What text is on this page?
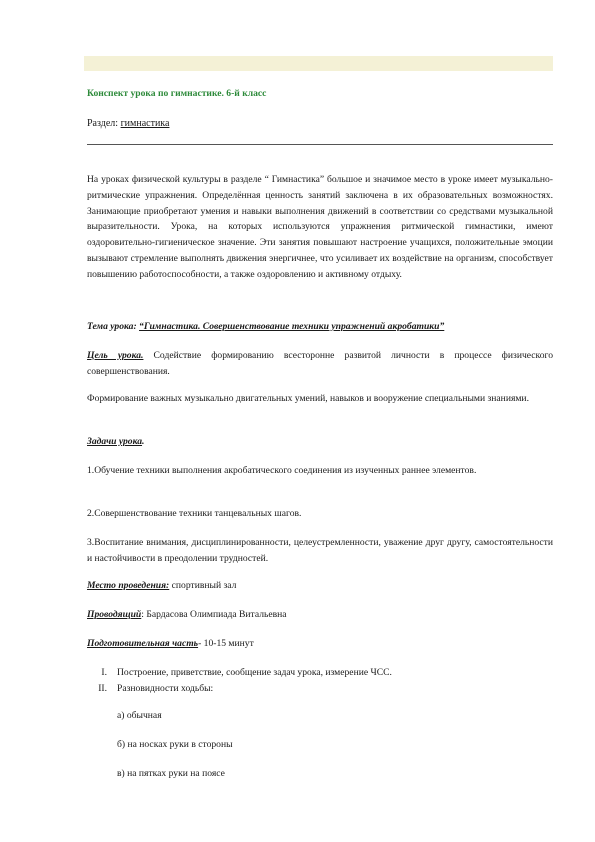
Конспект урока по гимнастике. 6-й класс
Раздел: гимнастика
На уроках физической культуры в разделе “ Гимнастика” большое и значимое место в уроке имеет музыкально-ритмические упражнения. Определённая ценность занятий заключена в их образовательных возможностях. Занимающие приобретают умения и навыки выполнения движений в соответствии со средствами музыкальной выразительности. Урока, на которых используются упражнения ритмической гимнастики, имеют оздоровительно-гигиеническое значение. Эти занятия повышают настроение учащихся, положительные эмоции вызывают стремление выполнять движения энергичнее, что усиливает их воздействие на организм, способствует повышению работоспособности, а также оздоровлению и активному отдыху.
Тема урока: “Гимнастика. Совершенствование техники упражнений акробатики”
Цель урока. Содействие формированию всесторонне развитой личности в процессе физического совершенствования.
Формирование важных музыкально двигательных умений, навыков и вооружение специальными знаниями.
Задачи урока.
1.Обучение техники выполнения акробатического соединения из изученных раннее элементов.
2.Совершенствование техники танцевальных шагов.
3.Воспитание внимания, дисциплинированности, целеустремленности, уважение друг другу, самостоятельности и настойчивости в преодолении трудностей.
Место проведения: спортивный зал
Проводящий: Бардасова Олимпиада Витальевна
Подготовительная часть- 10-15 минут
I. Построение, приветствие, сообщение задач урока, измерение ЧСС.
II. Разновидности ходьбы:
а) обычная
б) на носках руки в стороны
в) на пятках руки на поясе
